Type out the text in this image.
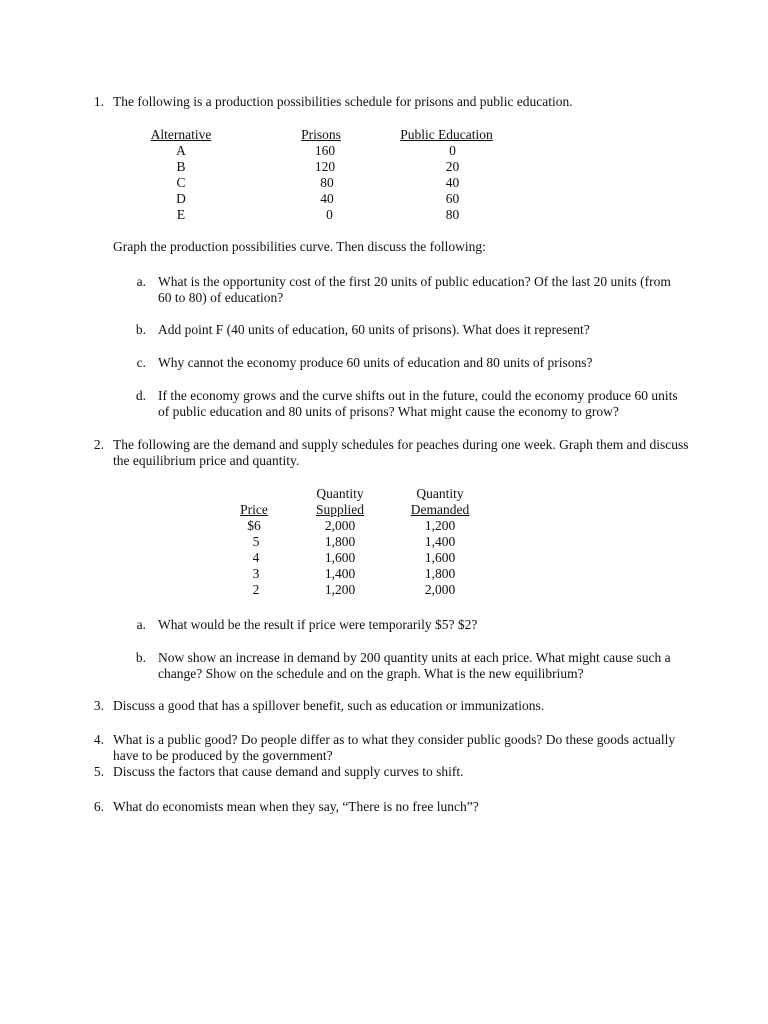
1. The following is a production possibilities schedule for prisons and public education.
Alternative
A
B
C
D
E
Prisons
160
120
80
40
0
Public Education
0
20
40
60
80
Graph the production possibilities curve. Then discuss the following:
a. What is the opportunity cost of the first 20 units of public education? Of the last 20 units (from
60 to 80) of education?
b. Add point F (40 units of education, 60 units of prisons). What does it represent?
c. Why cannot the economy produce 60 units of education and 80 units of prisons?
d. If the economy grows and the curve shifts out in the future, could the economy produce 60 units
of public education and 80 units of prisons? What might cause the economy to grow?
2. The following are the demand and supply schedules for peaches during one week. Graph them and discuss
the equilibrium price and quantity.
Price
$6
5
4
3
2
Quantity
Supplied
2,000
1,800
1,600
1,400
1,200
Quantity
Demanded
1,200
1,400
1,600
1,800
2,000
a. What would be the result if price were temporarily $5? $2?
b. Now show an increase in demand by 200 quantity units at each price. What might cause such a
change? Show on the schedule and on the graph. What is the new equilibrium?
3. Discuss a good that has a spillover benefit, such as education or immunizations.
4. What is a public good? Do people differ as to what they consider public goods? Do these goods actually
have to be produced by the government?
5. Discuss the factors that cause demand and supply curves to shift.
6. What do economists mean when they say, “There is no free lunch”?
